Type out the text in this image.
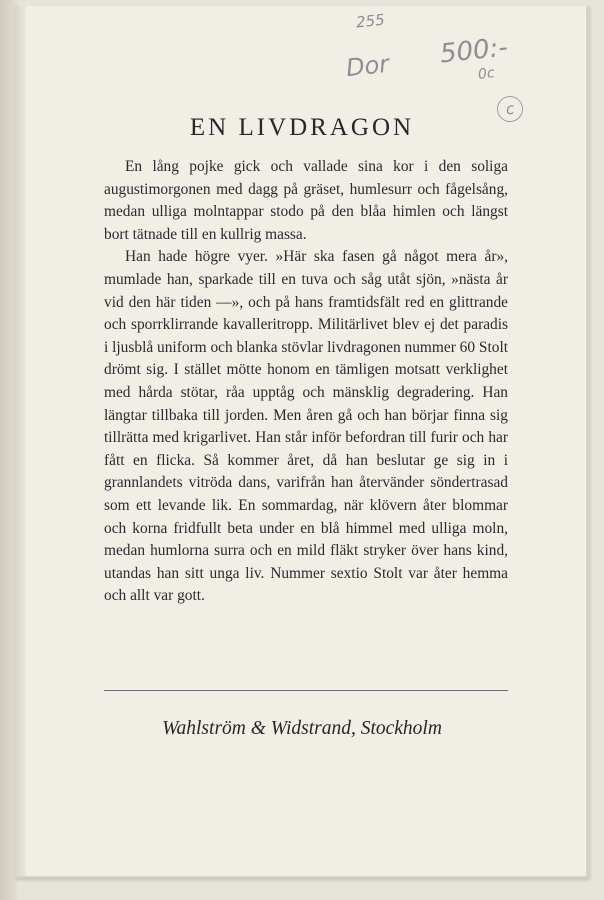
255
500:-
Dor	0c
c
EN LIVDRAGON

En lång pojke gick och vallade sina kor i den soliga augustimorgonen med dagg på gräset, humlesurr och fågelsång, medan ulliga molntappar stodo på den blåa himlen och längst bort tätnade till en kullrig massa.

Han hade högre vyer. »Här ska fasen gå något mera år», mumlade han, sparkade till en tuva och såg utåt sjön, »nästa år vid den här tiden —», och på hans framtidsfält red en glittrande och sporrklirrande kavalleritropp. Militärlivet blev ej det paradis i ljusblå uniform och blanka stövlar livdragonen nummer 60 Stolt drömt sig. I stället mötte honom en tämligen motsatt verklighet med hårda stötar, råa upptåg och mänsklig degradering. Han längtar tillbaka till jorden. Men åren gå och han börjar finna sig tillrätta med krigarlivet. Han står inför befordran till furir och har fått en flicka. Så kommer året, då han beslutar ge sig in i grannlandets vitröda dans, varifrån han återvänder söndertrasad som ett levande lik. En sommardag, när klövern åter blommar och korna fridfullt beta under en blå himmel med ulliga moln, medan humlorna surra och en mild fläkt stryker över hans kind, utandas han sitt unga liv. Nummer sextio Stolt var åter hemma och allt var gott.

Wahlström & Widstrand, Stockholm
